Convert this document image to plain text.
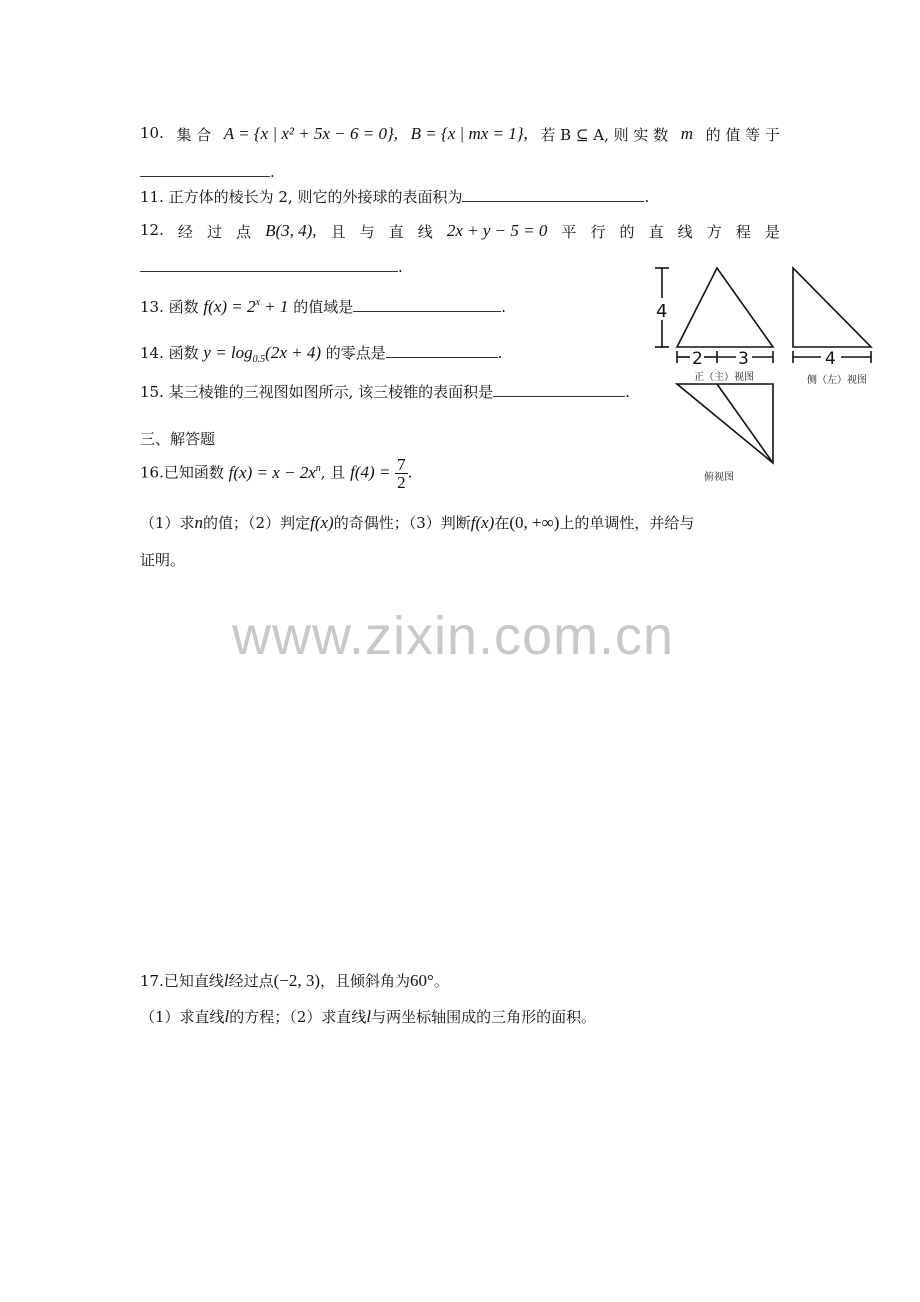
10. 集 合 A = {x | x² + 5x − 6 = 0}, B = {x | mx = 1}, 若 B ⊆ A, 则 实 数 m 的 值 等 于
.
11. 正方体的棱长为 2, 则它的外接球的表面积为	.
12. 经 过 点 B(3, 4), 且 与 直 线 2x + y − 5 = 0 平 行 的 直 线 方 程 是
.
13. 函数 $f(x) = 2^x + 1$ 的值域是	.
14. 函数 $y = \log_{0.5}(2x + 4)$ 的零点是	.
15. 某三棱锥的三视图如图所示, 该三棱锥的表面积是	.
三、解答题
16.已知函数 $f(x) = x - 2x^n$, 且 $f(4) = \frac{7}{2}$ .
（1）求n的值；（2）判定f(x)的奇偶性；（3）判断f(x)在(0, +∞)上的单调性，并给与
证明。
www.zixin.com.cn
17.已知直线l经过点(−2, 3)，且倾斜角为60°。
（1）求直线l的方程；（2）求直线l与两坐标轴围成的三角形的面积。
4
2 3	4
正（主）视图	侧（左）视图
俯视图
